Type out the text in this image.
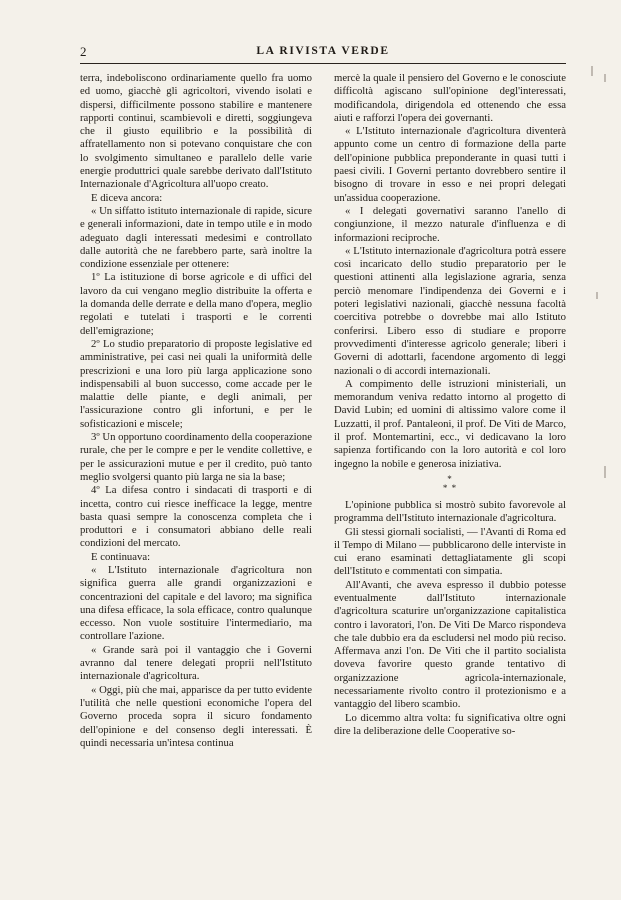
2	LA RIVISTA VERDE

terra, indeboliscono ordinariamente quello fra uomo ed uomo, giacchè gli agricoltori, vivendo isolati e dispersi, difficilmente possono stabilire e mantenere rapporti continui, scambievoli e diretti, soggiungeva che il giusto equilibrio e la possibilità di affratellamento non si potevano conquistare che con lo svolgimento simultaneo e parallelo delle varie energie produttrici quale sarebbe derivato dall'Istituto Internazionale d'Agricoltura all'uopo creato.

E diceva ancora:

« Un siffatto istituto internazionale di rapide, sicure e generali informazioni, date in tempo utile e in modo adeguato dagli interessati medesimi e controllato dalle autorità che ne farebbero parte, sarà inoltre la condizione essenziale per ottenere:

1º La istituzione di borse agricole e di uffici del lavoro da cui vengano meglio distribuite la offerta e la domanda delle derrate e della mano d'opera, meglio regolati e tutelati i trasporti e le correnti dell'emigrazione;

2º Lo studio preparatorio di proposte legislative ed amministrative, pei casi nei quali la uniformità delle prescrizioni e una loro più larga applicazione sono indispensabili al buon successo, come accade per le malattie delle piante, e degli animali, per l'assicurazione contro gli infortuni, e per le sofisticazioni e miscele;

3º Un opportuno coordinamento della cooperazione rurale, che per le compre e per le vendite collettive, e per le assicurazioni mutue e per il credito, può tanto meglio svolgersi quanto più larga ne sia la base;

4º La difesa contro i sindacati di trasporti e di incetta, contro cui riesce inefficace la legge, mentre basta quasi sempre la conoscenza completa che i produttori e i consumatori abbiano delle reali condizioni del mercato.

E continuava:

« L'Istituto internazionale d'agricoltura non significa guerra alle grandi organizzazioni e concentrazioni del capitale e del lavoro; ma significa una difesa efficace, la sola efficace, contro qualunque eccesso. Non vuole sostituire l'intermediario, ma controllare l'azione.

« Grande sarà poi il vantaggio che i Governi avranno dal tenere delegati proprii nell'Istituto internazionale d'agricoltura.

« Oggi, più che mai, apparisce da per tutto evidente l'utilità che nelle questioni economiche l'opera del Governo proceda sopra il sicuro fondamento dell'opinione e del consenso degli interessati. È quindi necessaria un'intesa continua

mercè la quale il pensiero del Governo e le conosciute difficoltà agiscano sull'opinione degl'interessati, modificandola, dirigendola ed ottenendo che essa aiuti e rafforzi l'opera dei governanti.

« L'Istituto internazionale d'agricoltura diventerà appunto come un centro di formazione della parte dell'opinione pubblica preponderante in quasi tutti i paesi civili. I Governi pertanto dovrebbero sentire il bisogno di trovare in esso e nei propri delegati un'assidua cooperazione.

« I delegati governativi saranno l'anello di congiunzione, il mezzo naturale d'influenza e di informazioni reciproche.

« L'Istituto internazionale d'agricoltura potrà essere così incaricato dello studio preparatorio per le questioni attinenti alla legislazione agraria, senza perciò menomare l'indipendenza dei Governi e i poteri legislativi nazionali, giacchè nessuna facoltà coercitiva potrebbe o dovrebbe mai allo Istituto conferirsi. Libero esso di studiare e proporre provvedimenti d'interesse agricolo generale; liberi i Governi di adottarli, facendone argomento di leggi nazionali o di accordi internazionali.

A compimento delle istruzioni ministeriali, un memorandum veniva redatto intorno al progetto di David Lubin; ed uomini di altissimo valore come il Luzzatti, il prof. Pantaleoni, il prof. De Viti de Marco, il prof. Montemartini, ecc., vi dedicavano la loro sapienza fortificando con la loro autorità e col loro ingegno la nobile e generosa iniziativa.

*
* *

L'opinione pubblica si mostrò subito favorevole al programma dell'Istituto internazionale d'agricoltura.

Gli stessi giornali socialisti, — l'Avanti di Roma ed il Tempo di Milano — pubblicarono delle interviste in cui erano esaminati dettagliatamente gli scopi dell'Istituto e commentati con simpatia.

All'Avanti, che aveva espresso il dubbio potesse eventualmente dall'Istituto internazionale d'agricoltura scaturire un'organizzazione capitalistica contro i lavoratori, l'on. De Viti De Marco rispondeva che tale dubbio era da escludersi nel modo più reciso. Affermava anzi l'on. De Viti che il partito socialista doveva favorire questo grande tentativo di organizzazione agricola-internazionale, necessariamente rivolto contro il protezionismo e a vantaggio del libero scambio.

Lo dicemmo altra volta: fu significativa oltre ogni dire la deliberazione delle Cooperative so-
